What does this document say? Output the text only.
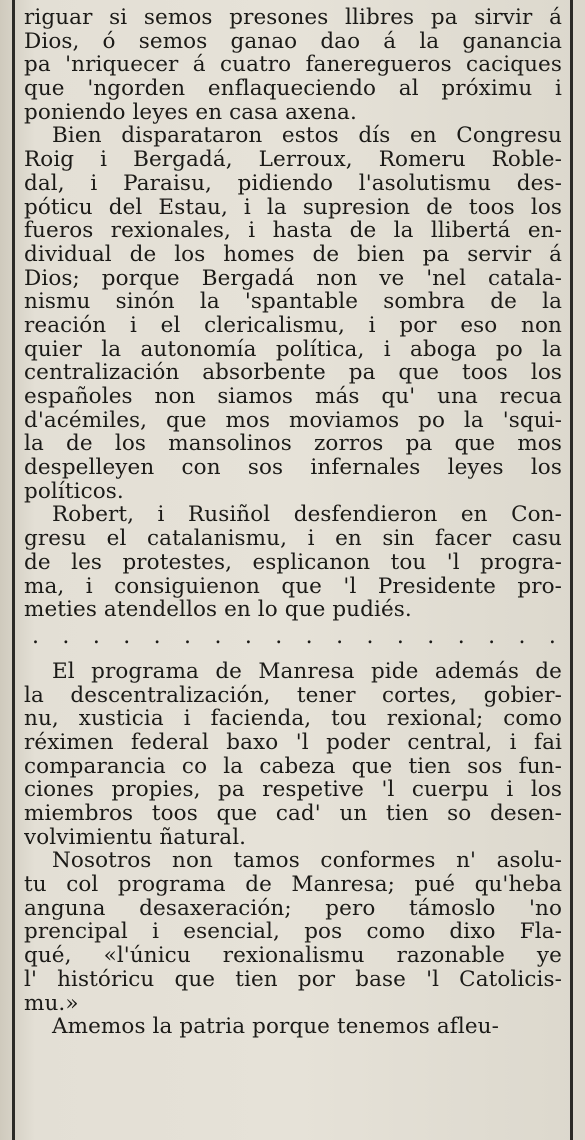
riguar si semos presones llibres pa sirvir á
Dios, ó semos ganao dao á la ganancia
pa 'nriquecer á cuatro faneregueros caciques
que 'ngorden enflaqueciendo al próximu i
poniendo leyes en casa axena.
Bien disparataron estos dís en Congresu
Roig i Bergadá, Lerroux, Romeru Roble-
dal, i Paraisu, pidiendo l'asolutismu des-
póticu del Estau, i la supresion de toos los
fueros rexionales, i hasta de la llibertá en-
dividual de los homes de bien pa servir á
Dios; porque Bergadá non ve 'nel catala-
nismu sinón la 'spantable sombra de la
reación i el clericalismu, i por eso non
quier la autonomía política, i aboga po la
centralización absorbente pa que toos los
españoles non siamos más qu' una recua
d'acémiles, que mos moviamos po la 'squi-
la de los mansolinos zorros pa que mos
despelleyen con sos infernales leyes los
políticos.
Robert, i Rusiñol desfendieron en Con-
gresu el catalanismu, i en sin facer casu
de les protestes, esplicanon tou 'l progra-
ma, i consiguienon que 'l Presidente pro-
meties atendellos en lo que pudiés.
. . . . . . . . . . . . . . . . . .
El programa de Manresa pide además de
la descentralización, tener cortes, gobier-
nu, xusticia i facienda, tou rexional; como
réximen federal baxo 'l poder central, i fai
comparancia co la cabeza que tien sos fun-
ciones propies, pa respetive 'l cuerpu i los
miembros toos que cad' un tien so desen-
volvimientu ñatural.
Nosotros non tamos conformes n' asolu-
tu col programa de Manresa; pué qu'heba
anguna desaxeración; pero támoslo 'no
prencipal i esencial, pos como dixo Fla-
qué, «l'únicu rexionalismu razonable ye
l' históricu que tien por base 'l Catolicis-
mu.»
Amemos la patria porque tenemos afleu-
